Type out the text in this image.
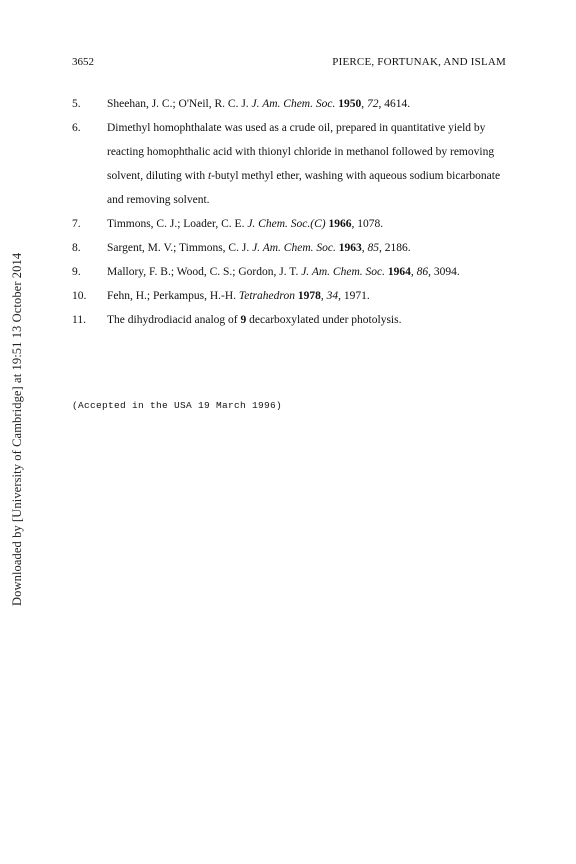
3652	PIERCE, FORTUNAK, AND ISLAM
5.	Sheehan, J. C.; O'Neil, R. C. J. J. Am. Chem. Soc. 1950, 72, 4614.
6.	Dimethyl homophthalate was used as a crude oil, prepared in quantitative yield by reacting homophthalic acid with thionyl chloride in methanol followed by removing solvent, diluting with t-butyl methyl ether, washing with aqueous sodium bicarbonate and removing solvent.
7.	Timmons, C. J.; Loader, C. E. J. Chem. Soc.(C) 1966, 1078.
8.	Sargent, M. V.; Timmons, C. J. J. Am. Chem. Soc. 1963, 85, 2186.
9.	Mallory, F. B.; Wood, C. S.; Gordon, J. T. J. Am. Chem. Soc. 1964, 86, 3094.
10.	Fehn, H.; Perkampus, H.-H. Tetrahedron 1978, 34, 1971.
11.	The dihydrodiacid analog of 9 decarboxylated under photolysis.
(Accepted in the USA 19 March 1996)
Downloaded by [University of Cambridge] at 19:51 13 October 2014
